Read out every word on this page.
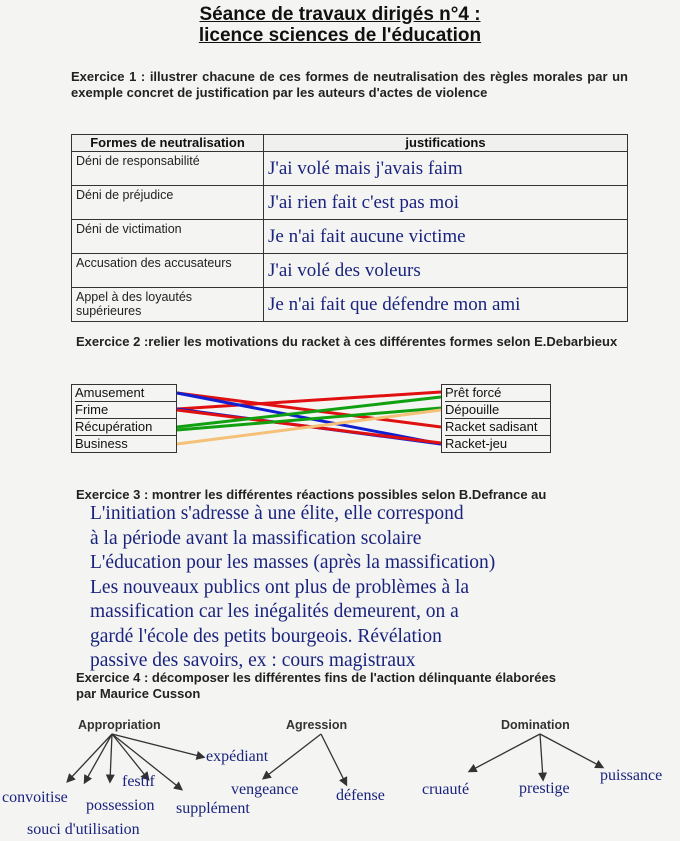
Séance de travaux dirigés n°4 :
licence sciences de l'éducation
Exercice 1 : illustrer chacune de ces formes de neutralisation des règles morales par un exemple concret de justification par les auteurs d'actes de violence
Formes de neutralisation	justifications
Déni de responsabilité	J'ai volé mais j'avais faim
Déni de préjudice	J'ai rien fait c'est pas moi
Déni de victimation	Je n'ai fait aucune victime
Accusation des accusateurs	J'ai volé des voleurs
Appel à des loyautés supérieures	Je n'ai fait que défendre mon ami
Exercice 2 :relier les motivations du racket à ces différentes formes selon E.Debarbieux
Amusement
Frime
Récupération
Business
Prêt forcé
Dépouille
Racket sadisant
Racket-jeu
Exercice 3 : montrer les différentes réactions possibles selon B.Defrance au
L'initiation s'adresse à une élite, elle correspond
à la période avant la massification scolaire
L'éducation pour les masses (après la massification)
Les nouveaux publics ont plus de problèmes à la
massification car les inégalités demeurent, on a
gardé l'école des petits bourgeois. Révélation
passive des savoirs, ex : cours magistraux
Exercice 4 : décomposer les différentes fins de l'action délinquante élaborées
par Maurice Cusson
Appropriation	Agression	Domination
expédiant
festif
convoitise possession supplément
souci d'utilisation
vengeance défense cruauté	prestige
puissance
